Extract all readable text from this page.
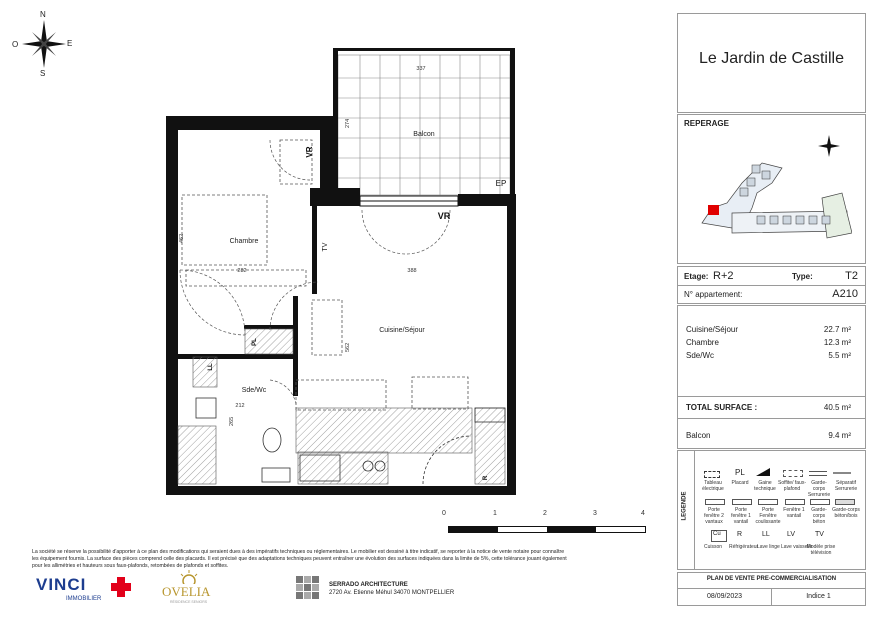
N
S
E
O
337
274
462
282	388
562
212
265
Balcon
Chambre
Cuisine/Séjour
Sde/Wc
TV
VR
VR
EP
LL
PL
R
0	1	2	3	4
Le Jardin de Castille
REPERAGE
Etage: R+2	Type:	T2
N° appartement:	A210
Cuisine/Séjour	22.7 m²
Chambre	12.3 m²
Sde/Wc	5.5 m²
TOTAL SURFACE :	40.5 m²
Balcon	9.4 m²
LEGENDE
PL
Tableau électrique
Placard	Gaine technique
Soffite/ faux-plafond
Garde-corps Serrurerie
Séparatif Serrurerie
Porte fenêtre 2 vantaux
Porte fenêtre 1 vantail
Porte Fenêtre coulissante
Fenêtre 1 vantail
Garde-corps béton
Garde-corps béton/bois
Cu R	LL LV	TV
Cuisson Réfrigérateur
Lave linge Lave vaisselle
Modèle prise télévision
PLAN DE VENTE PRE-COMMERCIALISATION
08/09/2023	Indice 1
La société se réserve la possibilité d'apporter à ce plan des modifications qui seraient dues à des impératifs techniques ou réglementaires. Le mobilier est dessiné à titre indicatif, se reporter à la notice de vente notaire pour connaître
les équipement fournis. La surface des pièces comprend celle des placards. Il est précisé que des adaptations techniques peuvent entraîner une évolution des surfaces indiquées dans la limite de 5%, cette tolérance jouant également
pour les allimétries et hauteurs sous faux-plafonds, retombées de plafonds et soffites.
VINCI
IMMOBILIER	OVELIA
RÉSIDENCE SENIORS
SERRADO ARCHITECTURE
2720 Av. Etienne Méhul 34070 MONTPELLIER
